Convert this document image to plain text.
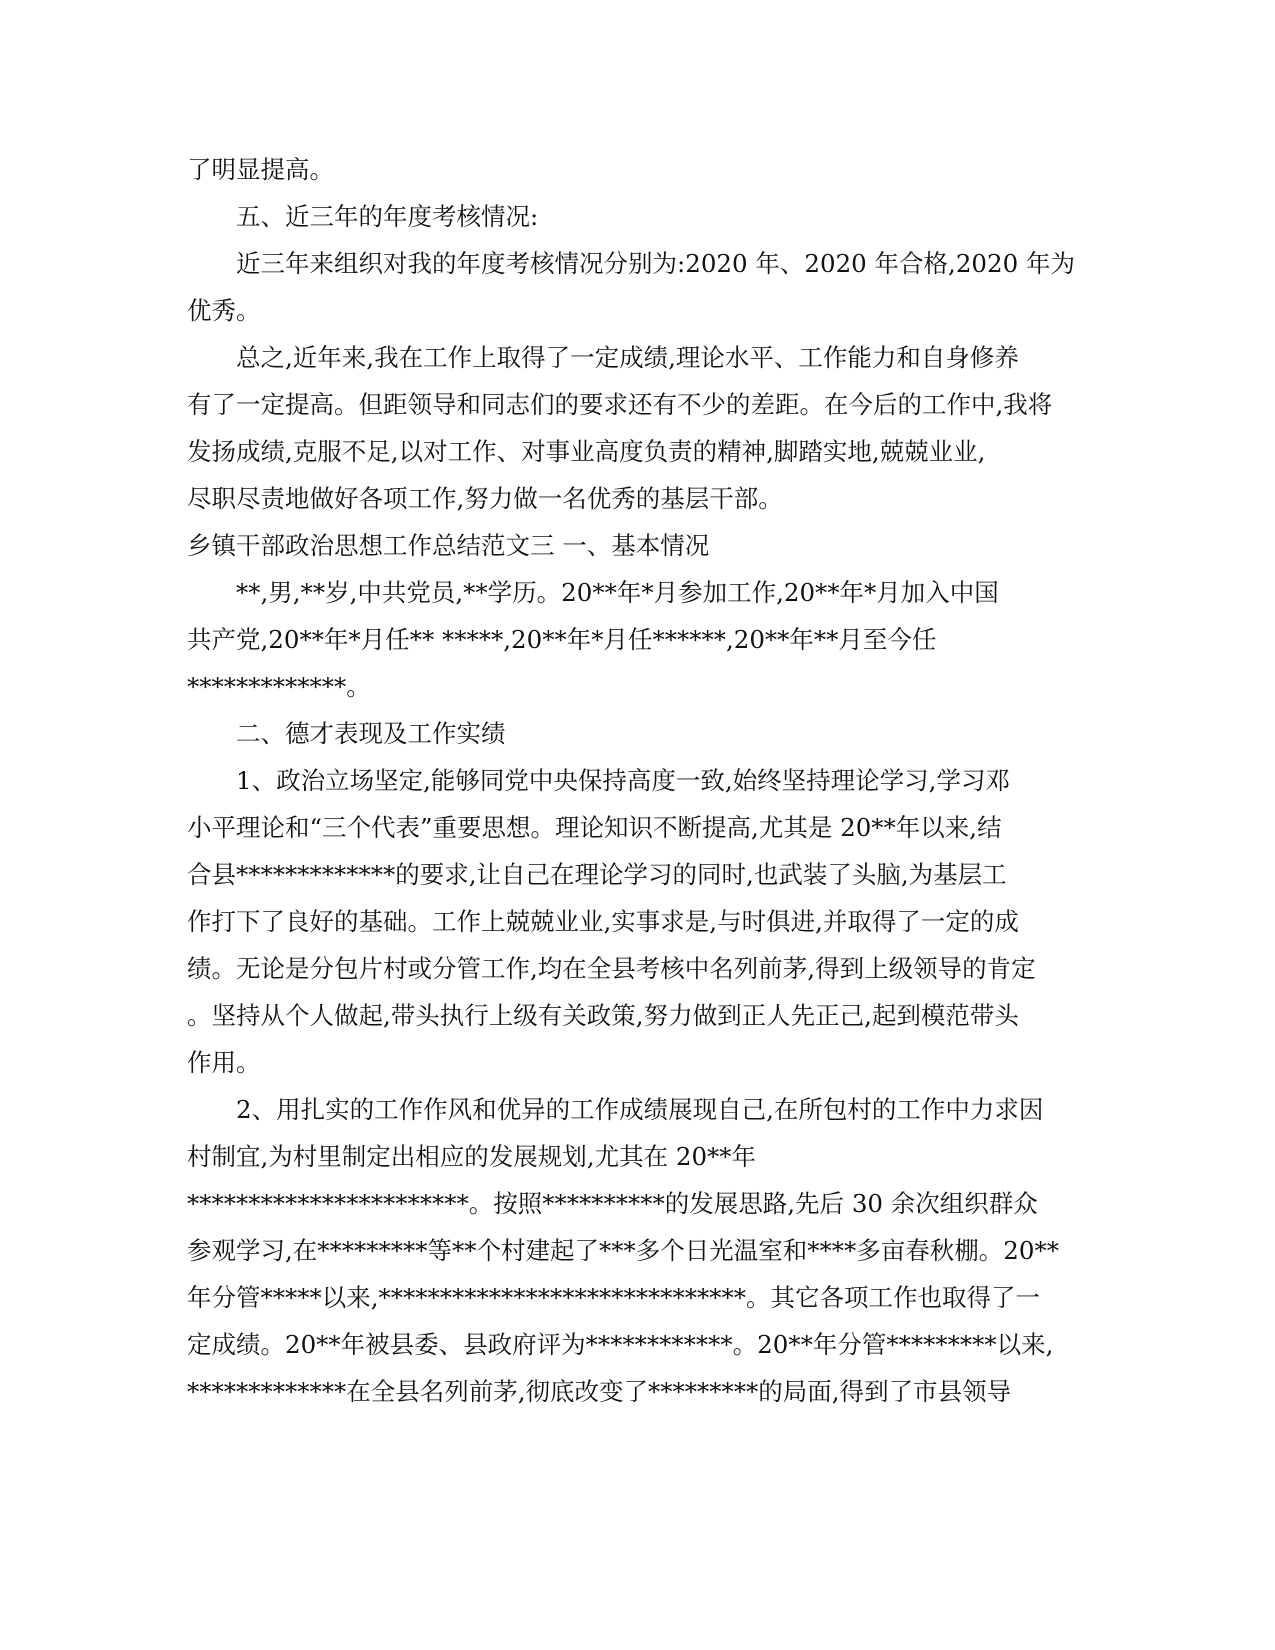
了明显提高。
五、近三年的年度考核情况:
近三年来组织对我的年度考核情况分别为:2020 年、2020 年合格,2020 年为
优秀。
总之,近年来,我在工作上取得了一定成绩,理论水平、工作能力和自身修养
有了一定提高。但距领导和同志们的要求还有不少的差距。在今后的工作中,我将
发扬成绩,克服不足,以对工作、对事业高度负责的精神,脚踏实地,兢兢业业,
尽职尽责地做好各项工作,努力做一名优秀的基层干部。
乡镇干部政治思想工作总结范文三 一、基本情况
**,男,**岁,中共党员,**学历。20**年*月参加工作,20**年*月加入中国
共产党,20**年*月任** *****,20**年*月任******,20**年**月至今任
*************。
二、德才表现及工作实绩
1、政治立场坚定,能够同党中央保持高度一致,始终坚持理论学习,学习邓
小平理论和“三个代表”重要思想。理论知识不断提高,尤其是 20**年以来,结
合县*************的要求,让自己在理论学习的同时,也武装了头脑,为基层工
作打下了良好的基础。工作上兢兢业业,实事求是,与时俱进,并取得了一定的成
绩。无论是分包片村或分管工作,均在全县考核中名列前茅,得到上级领导的肯定
。坚持从个人做起,带头执行上级有关政策,努力做到正人先正己,起到模范带头
作用。
2、用扎实的工作作风和优异的工作成绩展现自己,在所包村的工作中力求因
村制宜,为村里制定出相应的发展规划,尤其在 20**年
***********************。按照**********的发展思路,先后 30 余次组织群众
参观学习,在*********等**个村建起了***多个日光温室和****多亩春秋棚。20**
年分管*****以来,******************************。其它各项工作也取得了一
定成绩。20**年被县委、县政府评为************。20**年分管*********以来,
*************在全县名列前茅,彻底改变了*********的局面,得到了市县领导
